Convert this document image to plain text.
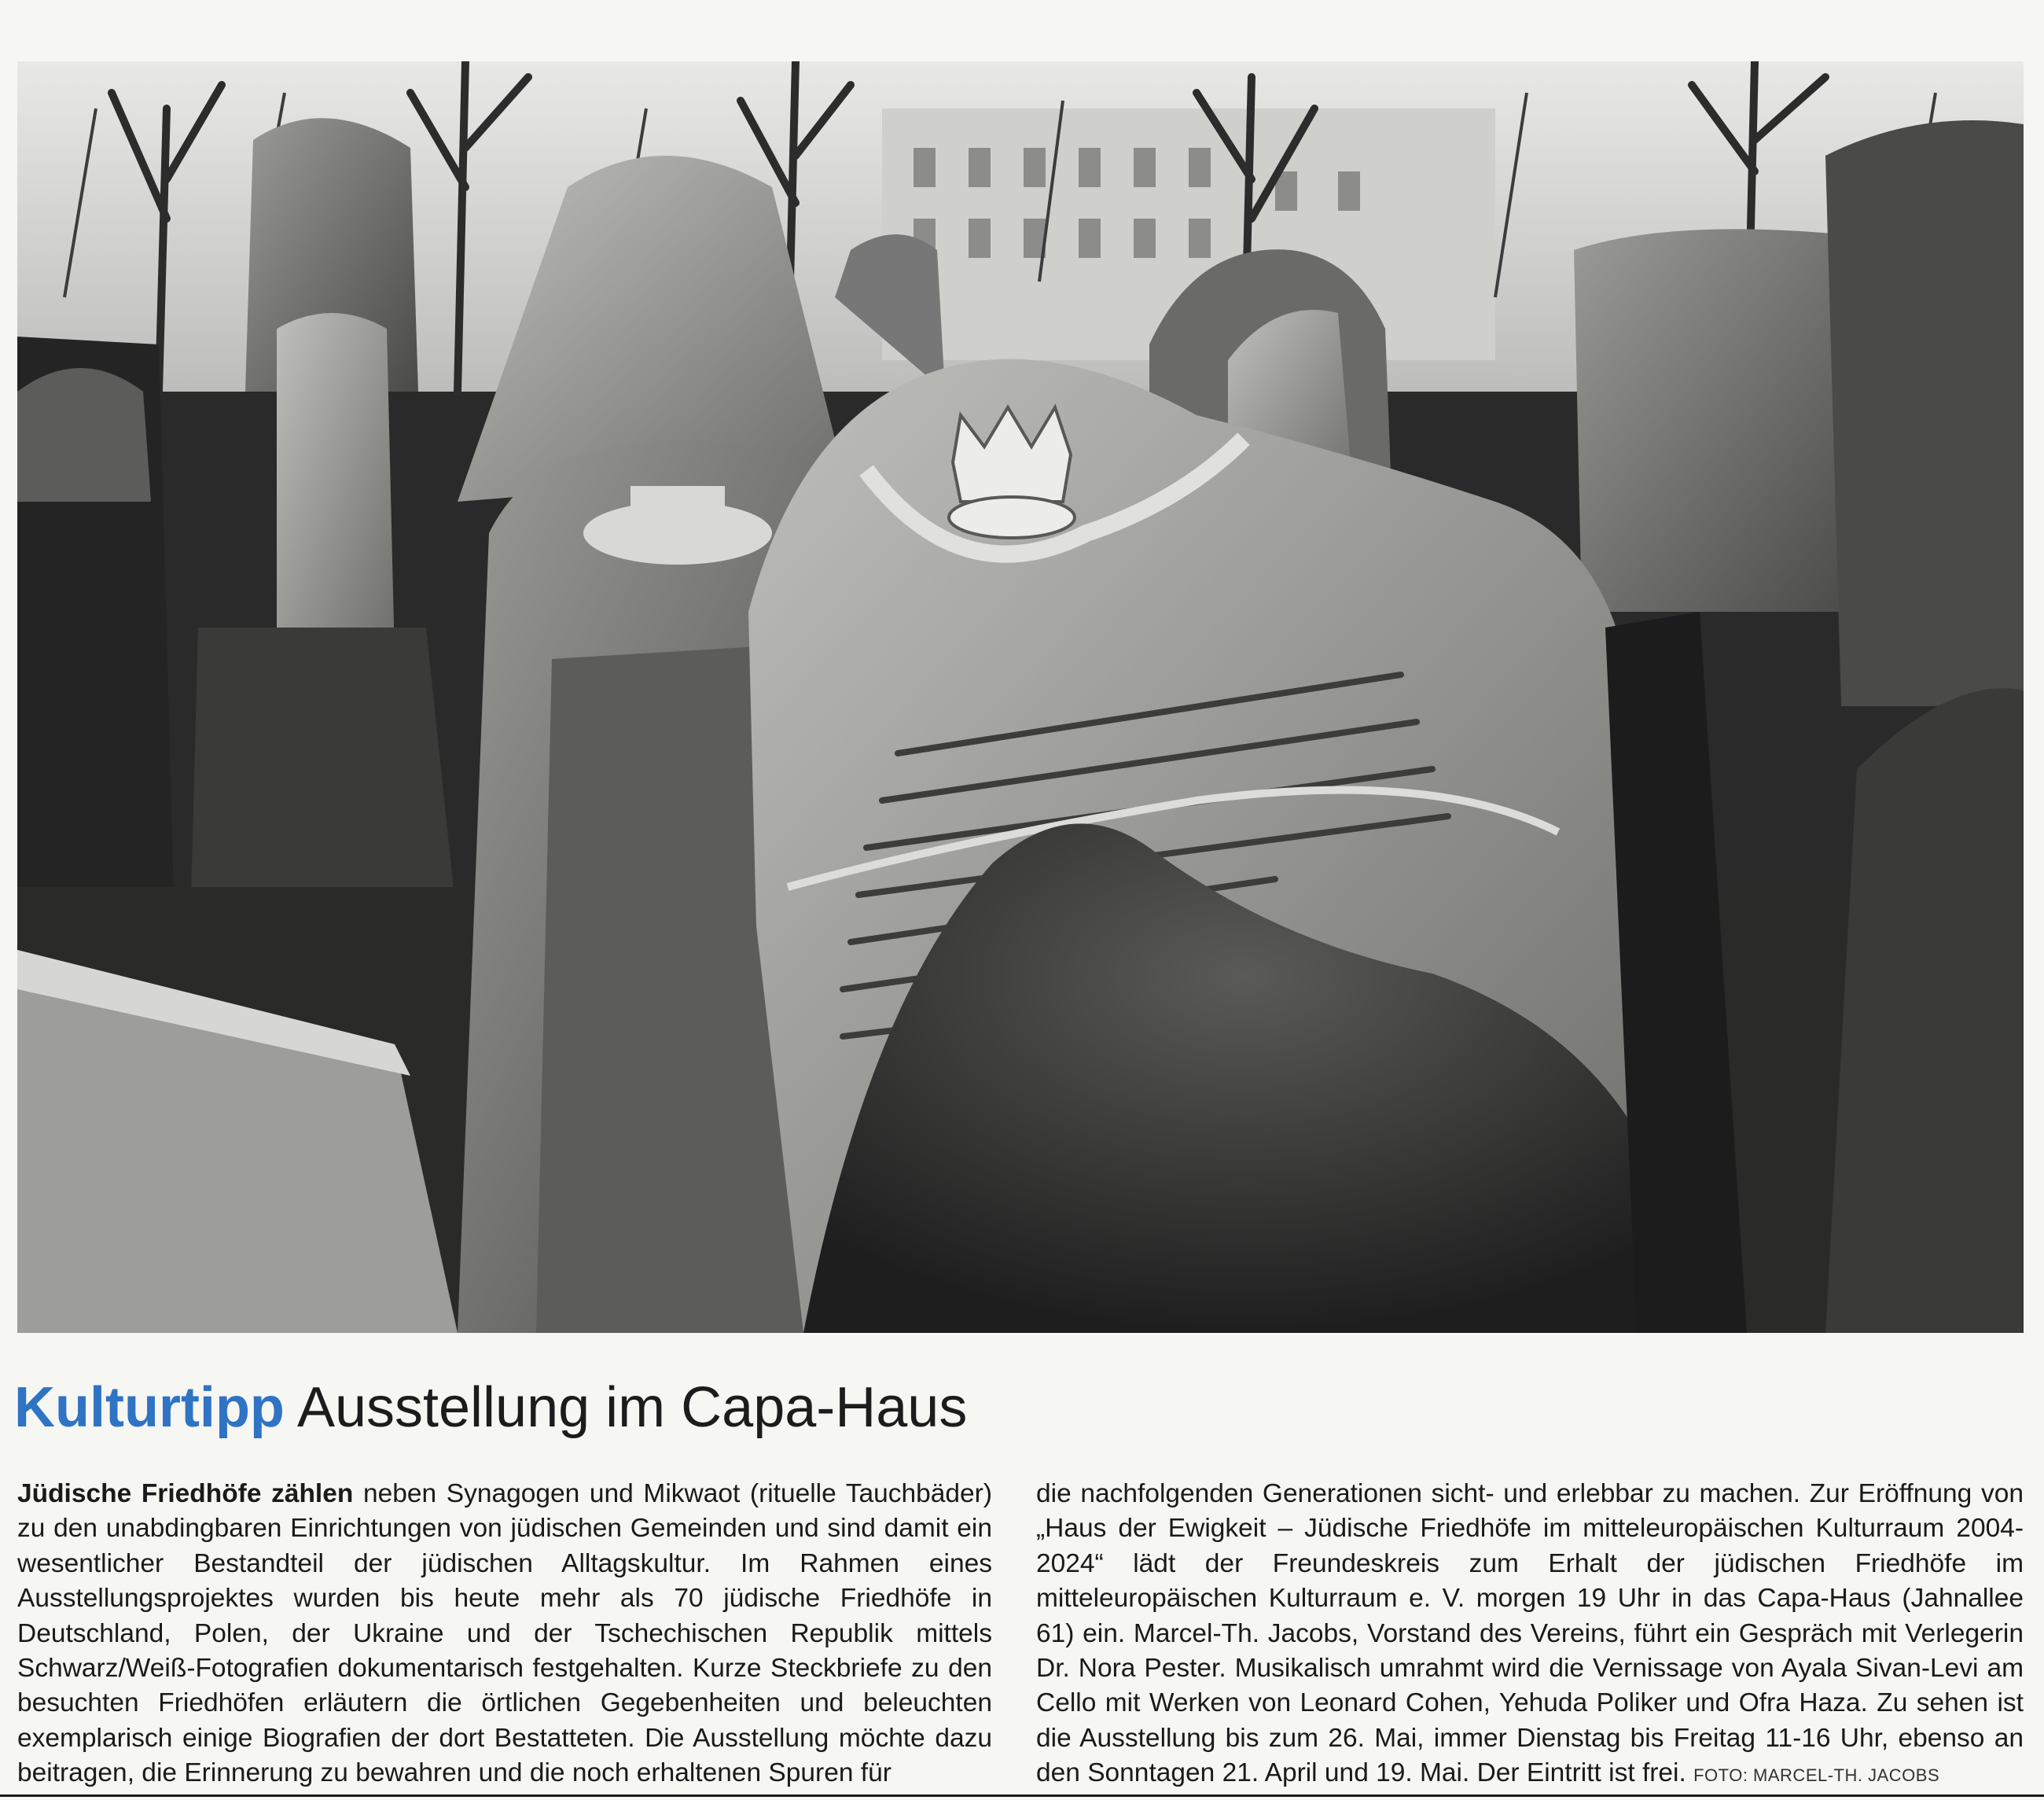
Kulturtipp Ausstellung im Capa-Haus
Jüdische Friedhöfe zählen neben Synagogen und Mikwaot (rituelle Tauchbäder) zu den unabdingbaren Einrichtungen von jüdischen Gemeinden und sind damit ein wesentlicher Bestandteil der jüdischen Alltagskultur. Im Rahmen eines Ausstellungsprojektes wurden bis heute mehr als 70 jüdische Friedhöfe in Deutschland, Polen, der Ukraine und der Tschechischen Republik mittels Schwarz/Weiß-Fotografien dokumentarisch festgehalten. Kurze Steckbriefe zu den besuchten Friedhöfen erläutern die örtlichen Gegebenheiten und beleuchten exemplarisch einige Biografien der dort Bestatteten. Die Ausstellung möchte dazu beitragen, die Erinnerung zu bewahren und die noch erhaltenen Spuren für
die nachfolgenden Generationen sicht- und erlebbar zu machen. Zur Eröffnung von „Haus der Ewigkeit – Jüdische Friedhöfe im mitteleuropäischen Kulturraum 2004-2024“ lädt der Freundeskreis zum Erhalt der jüdischen Friedhöfe im mitteleuropäischen Kulturraum e. V. morgen 19 Uhr in das Capa-Haus (Jahnallee 61) ein. Marcel-Th. Jacobs, Vorstand des Vereins, führt ein Gespräch mit Verlegerin Dr. Nora Pester. Musikalisch umrahmt wird die Vernissage von Ayala Sivan-Levi am Cello mit Werken von Leonard Cohen, Yehuda Poliker und Ofra Haza. Zu sehen ist die Ausstellung bis zum 26. Mai, immer Dienstag bis Freitag 11-16 Uhr, ebenso an den Sonntagen 21. April und 19. Mai. Der Eintritt ist frei. FOTO: MARCEL-TH. JACOBS
